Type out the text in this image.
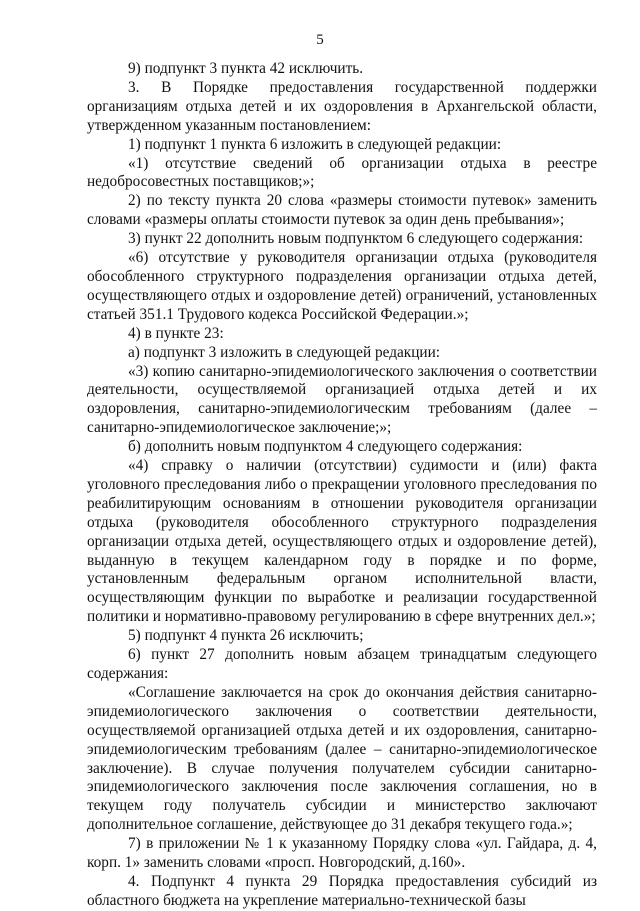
5

9) подпункт 3 пункта 42 исключить.

3. В Порядке предоставления государственной поддержки организациям отдыха детей и их оздоровления в Архангельской области, утвержденном указанным постановлением:

1) подпункт 1 пункта 6 изложить в следующей редакции:

«1) отсутствие сведений об организации отдыха в реестре недобросовестных поставщиков;»;

2) по тексту пункта 20 слова «размеры стоимости путевок» заменить словами «размеры оплаты стоимости путевок за один день пребывания»;

3) пункт 22 дополнить новым подпунктом 6 следующего содержания:

«6) отсутствие у руководителя организации отдыха (руководителя обособленного структурного подразделения организации отдыха детей, осуществляющего отдых и оздоровление детей) ограничений, установленных статьей 351.1 Трудового кодекса Российской Федерации.»;

4) в пункте 23:

а) подпункт 3 изложить в следующей редакции:

«3) копию санитарно-эпидемиологического заключения о соответствии деятельности, осуществляемой организацией отдыха детей и их оздоровления, санитарно-эпидемиологическим требованиям (далее – санитарно-эпидемиологическое заключение;»;

б) дополнить новым подпунктом 4 следующего содержания:

«4) справку о наличии (отсутствии) судимости и (или) факта уголовного преследования либо о прекращении уголовного преследования по реабилитирующим основаниям в отношении руководителя организации отдыха (руководителя обособленного структурного подразделения организации отдыха детей, осуществляющего отдых и оздоровление детей), выданную в текущем календарном году в порядке и по форме, установленным федеральным органом исполнительной власти, осуществляющим функции по выработке и реализации государственной политики и нормативно-правовому регулированию в сфере внутренних дел.»;

5) подпункт 4 пункта 26 исключить;

6) пункт 27 дополнить новым абзацем тринадцатым следующего содержания:

«Соглашение заключается на срок до окончания действия санитарно-эпидемиологического заключения о соответствии деятельности, осуществляемой организацией отдыха детей и их оздоровления, санитарно-эпидемиологическим требованиям (далее – санитарно-эпидемиологическое заключение). В случае получения получателем субсидии санитарно-эпидемиологического заключения после заключения соглашения, но в текущем году получатель субсидии и министерство заключают дополнительное соглашение, действующее до 31 декабря текущего года.»;

7) в приложении № 1 к указанному Порядку слова «ул. Гайдара, д. 4, корп. 1» заменить словами «просп. Новгородский, д.160».

4. Подпункт 4 пункта 29 Порядка предоставления субсидий из областного бюджета на укрепление материально-технической базы
